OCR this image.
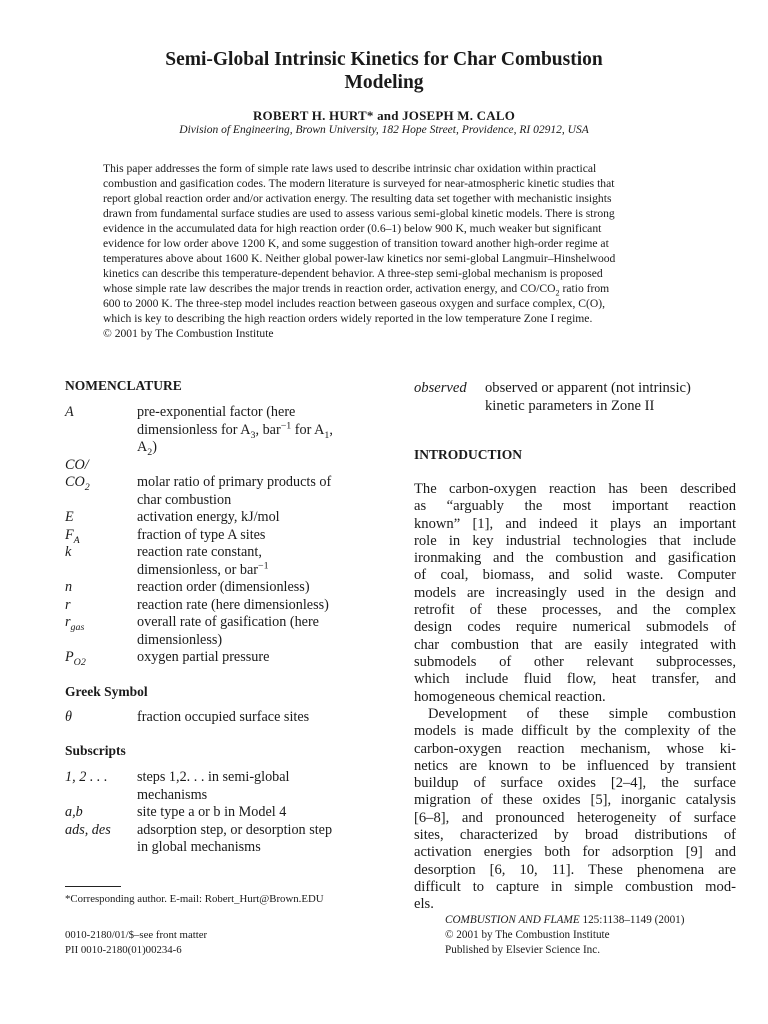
Semi-Global Intrinsic Kinetics for Char Combustion
Modeling
ROBERT H. HURT* and JOSEPH M. CALO
Division of Engineering, Brown University, 182 Hope Street, Providence, RI 02912, USA
This paper addresses the form of simple rate laws used to describe intrinsic char oxidation within practical
combustion and gasification codes. The modern literature is surveyed for near-atmospheric kinetic studies that
report global reaction order and/or activation energy. The resulting data set together with mechanistic insights
drawn from fundamental surface studies are used to assess various semi-global kinetic models. There is strong
evidence in the accumulated data for high reaction order (0.6–1) below 900 K, much weaker but significant
evidence for low order above 1200 K, and some suggestion of transition toward another high-order regime at
temperatures above about 1600 K. Neither global power-law kinetics nor semi-global Langmuir–Hinshelwood
kinetics can describe this temperature-dependent behavior. A three-step semi-global mechanism is proposed
whose simple rate law describes the major trends in reaction order, activation energy, and $CO/CO_2$ ratio from
600 to 2000 K. The three-step model includes reaction between gaseous oxygen and surface complex, C(O),
which is key to describing the high reaction orders widely reported in the low temperature Zone I regime.
© 2001 by The Combustion Institute
NOMENCLATURE
A	pre-exponential factor (here
dimensionless for $A_3$, bar$^{-1}$ for $A_1$,
$A_2$)
CO/
$CO_2$	molar ratio of primary products of
char combustion
E	activation energy, kJ/mol
$F_A$	fraction of type A sites
k	reaction rate constant,
dimensionless, or bar$^{-1}$
n	reaction order (dimensionless)
r	reaction rate (here dimensionless)
$r_{gas}$	overall rate of gasification (here
dimensionless)
$P_{O2}$	oxygen partial pressure
Greek Symbol
θ	fraction occupied surface sites
Subscripts
1, 2 . . .	steps 1,2. . . in semi-global
mechanisms
a,b	site type a or b in Model 4
ads, des	adsorption step, or desorption step
in global mechanisms
*Corresponding author. E-mail: Robert_Hurt@Brown.EDU
0010-2180/01/$–see front matter
PII 0010-2180(01)00234-6
observed	observed or apparent (not intrinsic)
kinetic parameters in Zone II
INTRODUCTION
The carbon-oxygen reaction has been described
as “arguably the most important reaction
known” [1], and indeed it plays an important
role in key industrial technologies that include
ironmaking and the combustion and gasification
of coal, biomass, and solid waste. Computer
models are increasingly used in the design and
retrofit of these processes, and the complex
design codes require numerical submodels of
char combustion that are easily integrated with
submodels of other relevant subprocesses,
which include fluid flow, heat transfer, and
homogeneous chemical reaction.
Development of these simple combustion
models is made difficult by the complexity of the
carbon-oxygen reaction mechanism, whose ki-
netics are known to be influenced by transient
buildup of surface oxides [2–4], the surface
migration of these oxides [5], inorganic catalysis
[6–8], and pronounced heterogeneity of surface
sites, characterized by broad distributions of
activation energies both for adsorption [9] and
desorption [6, 10, 11]. These phenomena are
difficult to capture in simple combustion mod-
els.
COMBUSTION AND FLAME 125:1138–1149 (2001)
© 2001 by The Combustion Institute
Published by Elsevier Science Inc.
